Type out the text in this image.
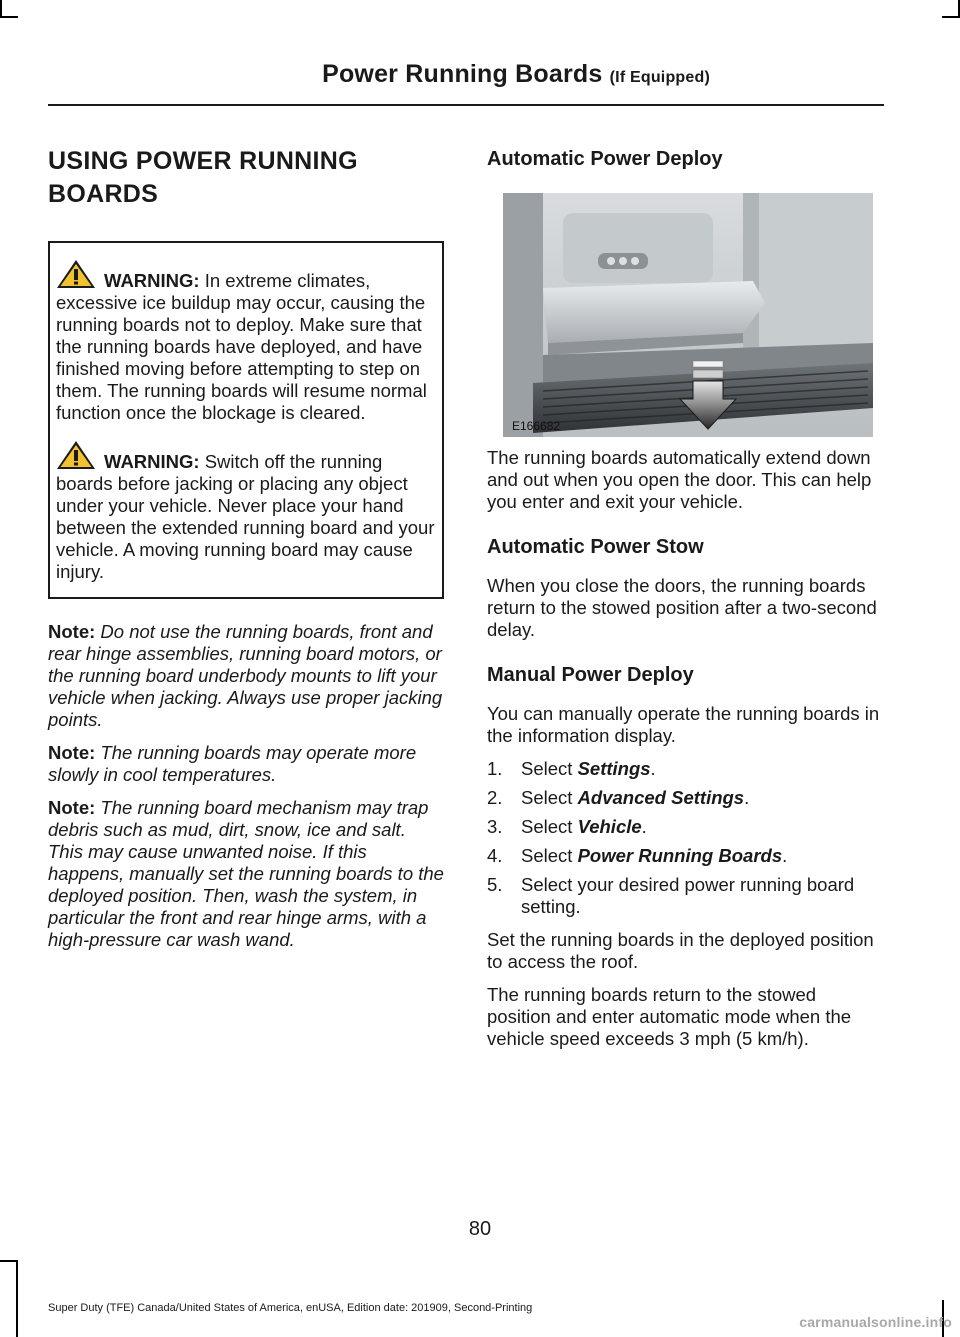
Power Running Boards (If Equipped)
USING POWER RUNNING BOARDS

WARNING: In extreme climates, excessive ice buildup may occur, causing the running boards not to deploy. Make sure that the running boards have deployed, and have finished moving before attempting to step on them. The running boards will resume normal function once the blockage is cleared.

WARNING: Switch off the running boards before jacking or placing any object under your vehicle. Never place your hand between the extended running board and your vehicle. A moving running board may cause injury.

Note: Do not use the running boards, front and rear hinge assemblies, running board motors, or the running board underbody mounts to lift your vehicle when jacking. Always use proper jacking points.

Note: The running boards may operate more slowly in cool temperatures.

Note: The running board mechanism may trap debris such as mud, dirt, snow, ice and salt. This may cause unwanted noise. If this happens, manually set the running boards to the deployed position. Then, wash the system, in particular the front and rear hinge arms, with a high-pressure car wash wand.

Automatic Power Deploy
E166682

The running boards automatically extend down and out when you open the door. This can help you enter and exit your vehicle.

Automatic Power Stow

When you close the doors, the running boards return to the stowed position after a two-second delay.

Manual Power Deploy

You can manually operate the running boards in the information display.

1. Select Settings.
2. Select Advanced Settings.
3. Select Vehicle.
4. Select Power Running Boards.
5. Select your desired power running board setting.

Set the running boards in the deployed position to access the roof.

The running boards return to the stowed position and enter automatic mode when the vehicle speed exceeds 3 mph (5 km/h).

80
Super Duty (TFE) Canada/United States of America, enUSA, Edition date: 201909, Second-Printing
carmanualsonline.info
